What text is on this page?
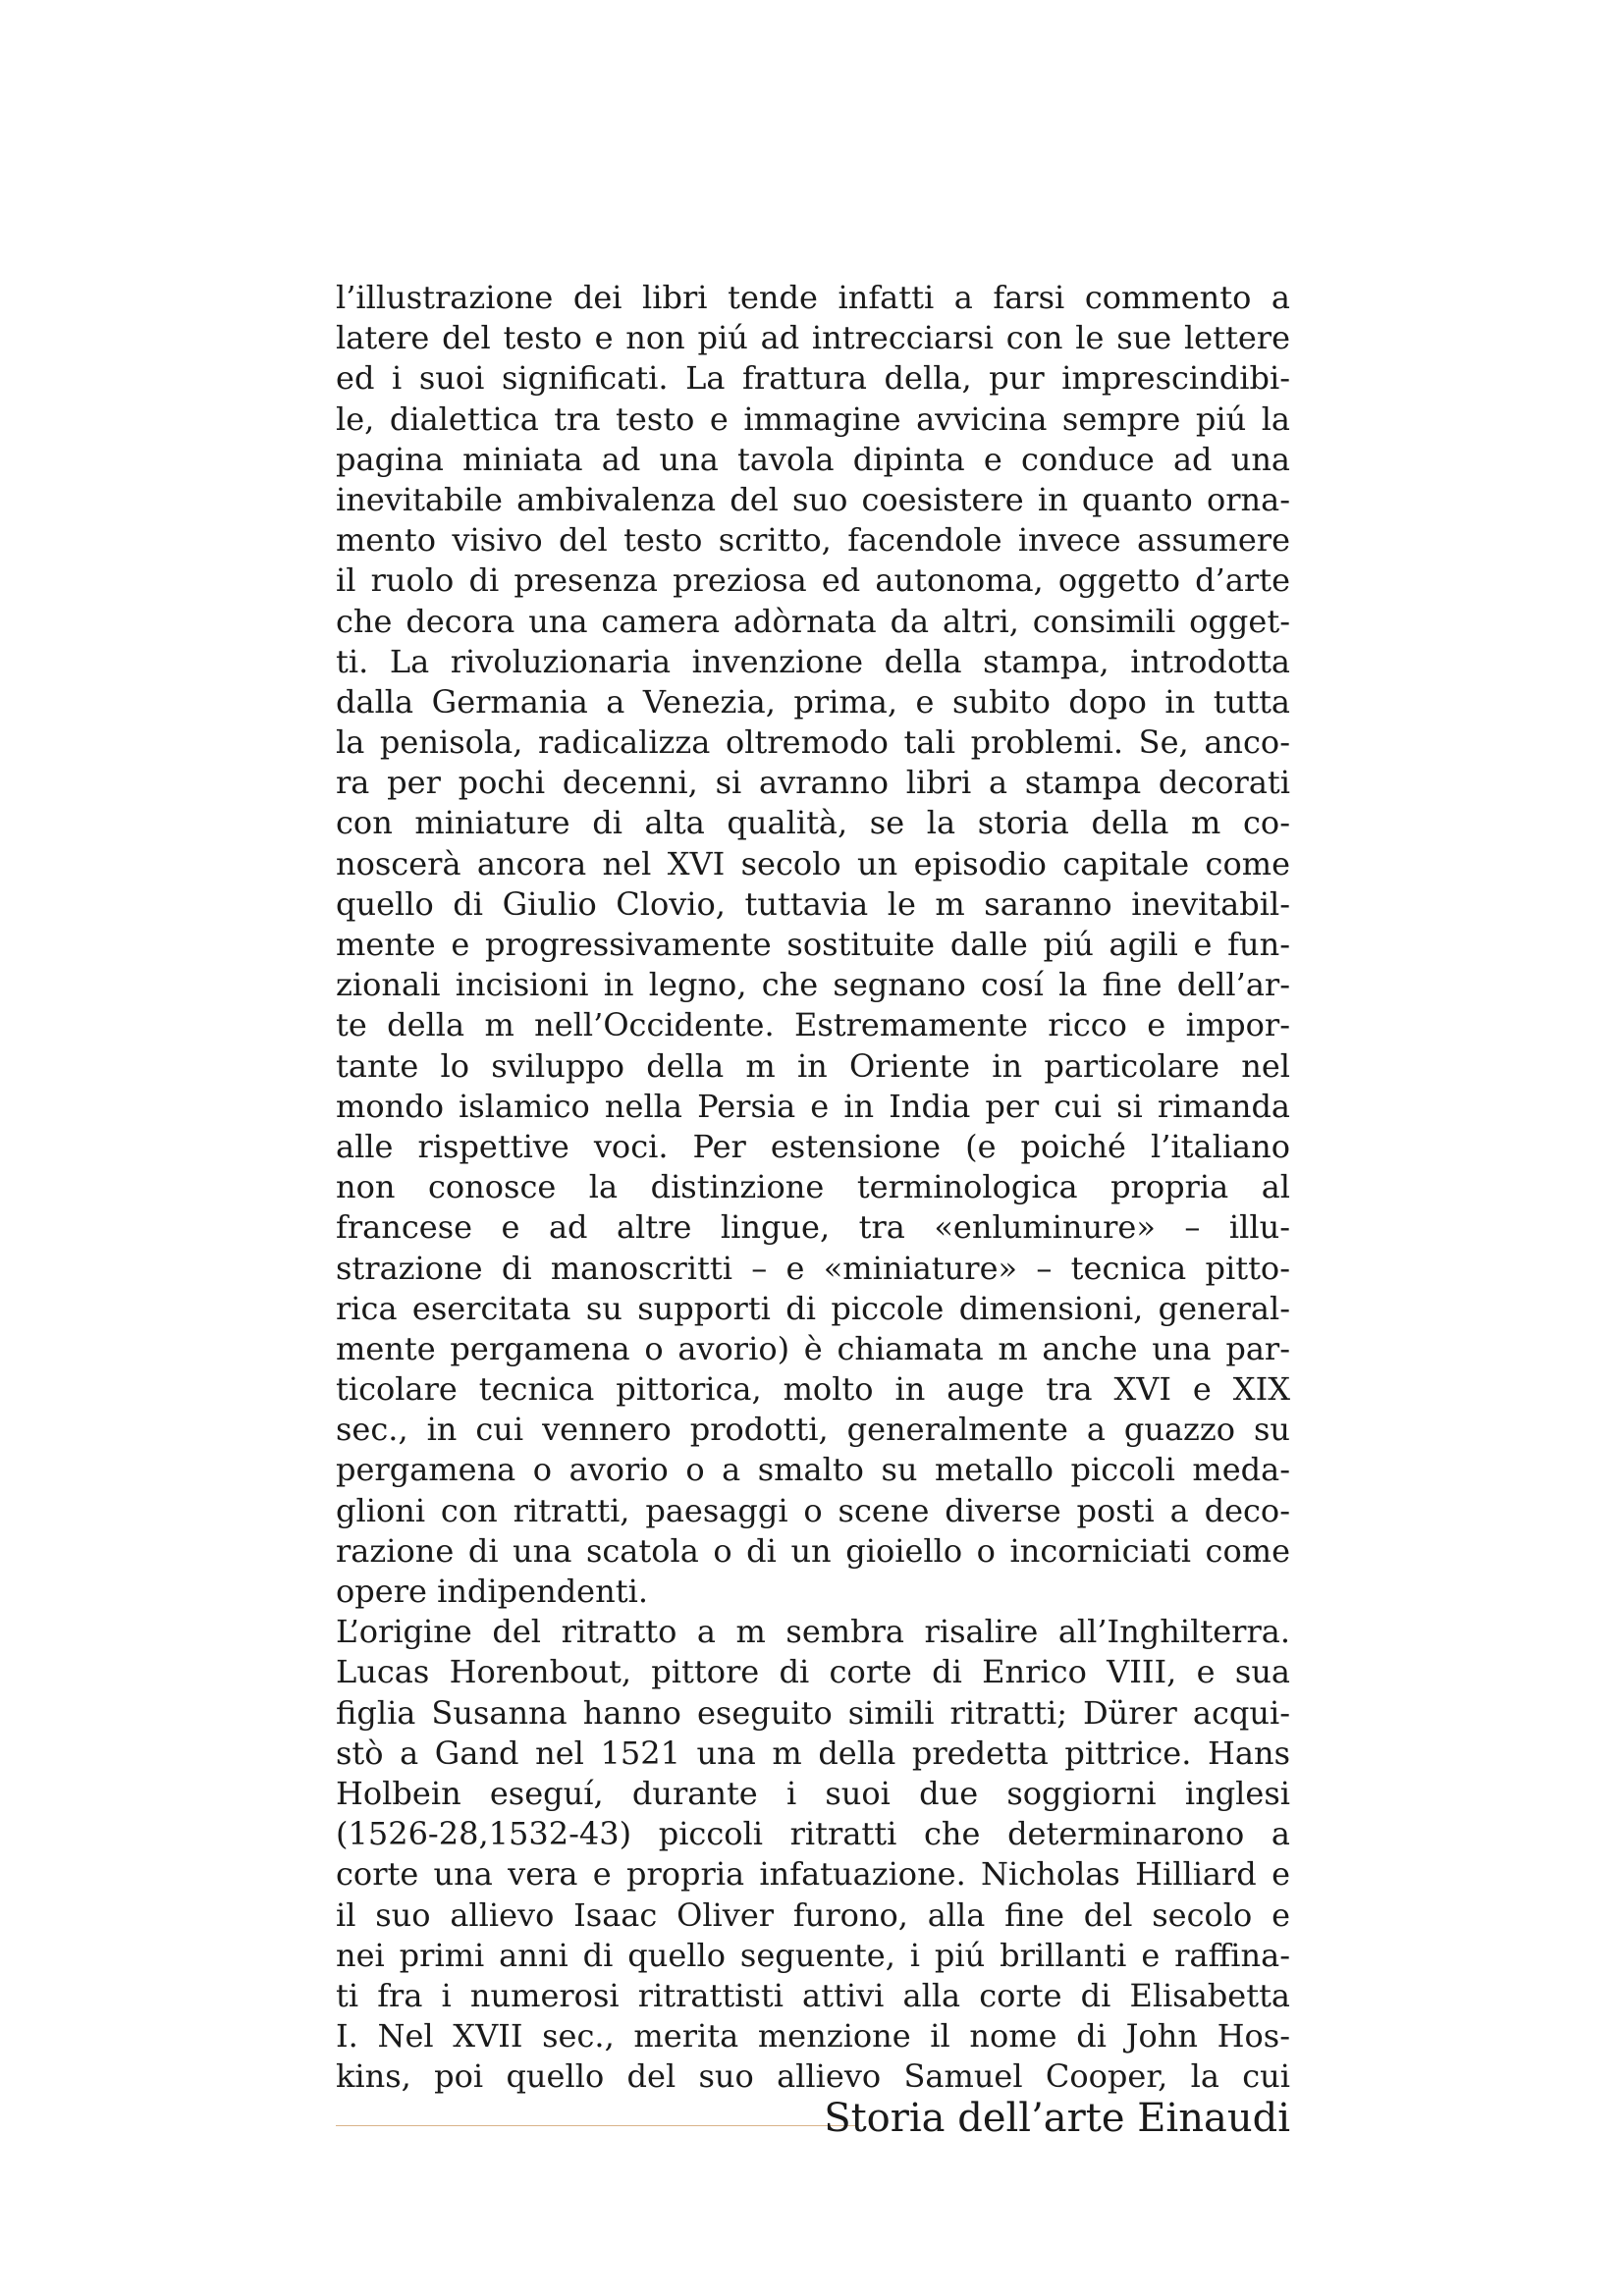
l’illustrazione dei libri tende infatti a farsi commento a
latere del testo e non piú ad intrecciarsi con le sue lettere
ed i suoi significati. La frattura della, pur imprescindibi-
le, dialettica tra testo e immagine avvicina sempre piú la
pagina miniata ad una tavola dipinta e conduce ad una
inevitabile ambivalenza del suo coesistere in quanto orna-
mento visivo del testo scritto, facendole invece assumere
il ruolo di presenza preziosa ed autonoma, oggetto d’arte
che decora una camera adòrnata da altri, consimili ogget-
ti. La rivoluzionaria invenzione della stampa, introdotta
dalla Germania a Venezia, prima, e subito dopo in tutta
la penisola, radicalizza oltremodo tali problemi. Se, anco-
ra per pochi decenni, si avranno libri a stampa decorati
con miniature di alta qualità, se la storia della m co-
noscerà ancora nel XVI secolo un episodio capitale come
quello di Giulio Clovio, tuttavia le m saranno inevitabil-
mente e progressivamente sostituite dalle piú agili e fun-
zionali incisioni in legno, che segnano cosí la fine dell’ar-
te della m nell’Occidente. Estremamente ricco e impor-
tante lo sviluppo della m in Oriente in particolare nel
mondo islamico nella Persia e in India per cui si rimanda
alle rispettive voci. Per estensione (e poiché l’italiano
non conosce la distinzione terminologica propria al
francese e ad altre lingue, tra «enluminure» – illu-
strazione di manoscritti – e «miniature» – tecnica pitto-
rica esercitata su supporti di piccole dimensioni, general-
mente pergamena o avorio) è chiamata m anche una par-
ticolare tecnica pittorica, molto in auge tra XVI e XIX
sec., in cui vennero prodotti, generalmente a guazzo su
pergamena o avorio o a smalto su metallo piccoli meda-
glioni con ritratti, paesaggi o scene diverse posti a deco-
razione di una scatola o di un gioiello o incorniciati come
opere indipendenti.
L’origine del ritratto a m sembra risalire all’Inghilterra.
Lucas Horenbout, pittore di corte di Enrico VIII, e sua
figlia Susanna hanno eseguito simili ritratti; Dürer acqui-
stò a Gand nel 1521 una m della predetta pittrice. Hans
Holbein eseguí, durante i suoi due soggiorni inglesi
(1526-28,1532-43) piccoli ritratti che determinarono a
corte una vera e propria infatuazione. Nicholas Hilliard e
il suo allievo Isaac Oliver furono, alla fine del secolo e
nei primi anni di quello seguente, i piú brillanti e raffina-
ti fra i numerosi ritrattisti attivi alla corte di Elisabetta
I. Nel XVII sec., merita menzione il nome di John Hos-
kins, poi quello del suo allievo Samuel Cooper, la cui
Storia dell’arte Einaudi
